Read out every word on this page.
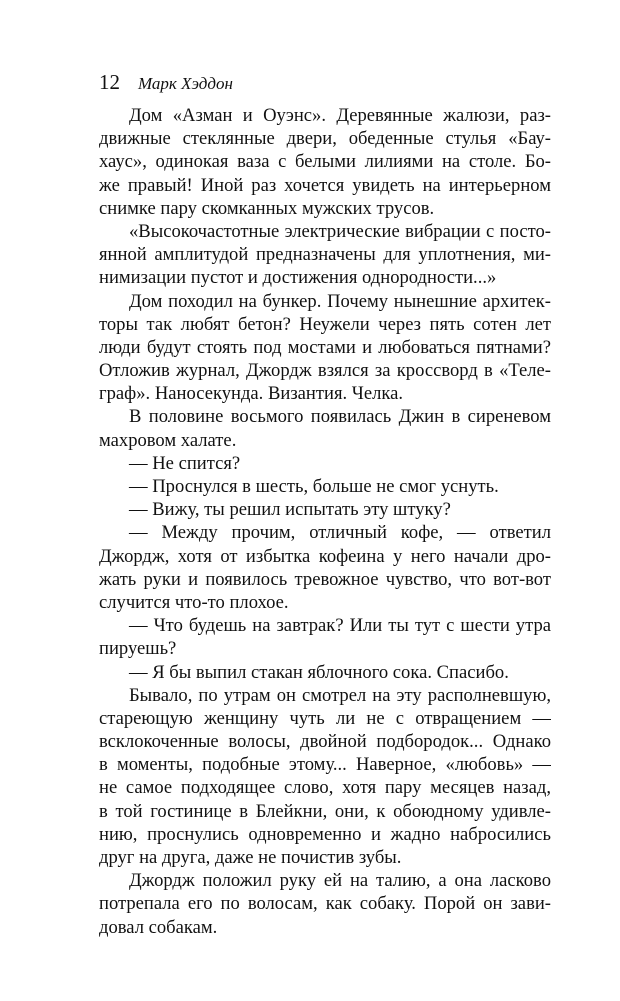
12 Марк Хэддон
Дом «Азман и Оуэнс». Деревянные жалюзи, раз-
движные стеклянные двери, обеденные стулья «Бау-
хаус», одинокая ваза с белыми лилиями на столе. Бо-
же правый! Иной раз хочется увидеть на интерьерном
снимке пару скомканных мужских трусов.
«Высокочастотные электрические вибрации с посто-
янной амплитудой предназначены для уплотнения, ми-
нимизации пустот и достижения однородности...»
Дом походил на бункер. Почему нынешние архитек-
торы так любят бетон? Неужели через пять сотен лет
люди будут стоять под мостами и любоваться пятнами?
Отложив журнал, Джордж взялся за кроссворд в «Теле-
граф». Наносекунда. Византия. Челка.
В половине восьмого появилась Джин в сиреневом
махровом халате.
— Не спится?
— Проснулся в шесть, больше не смог уснуть.
— Вижу, ты решил испытать эту штуку?
— Между прочим, отличный кофе, — ответил
Джордж, хотя от избытка кофеина у него начали дро-
жать руки и появилось тревожное чувство, что вот-вот
случится что-то плохое.
— Что будешь на завтрак? Или ты тут с шести утра
пируешь?
— Я бы выпил стакан яблочного сока. Спасибо.
Бывало, по утрам он смотрел на эту располневшую,
стареющую женщину чуть ли не с отвращением —
всклокоченные волосы, двойной подбородок... Однако
в моменты, подобные этому... Наверное, «любовь» —
не самое подходящее слово, хотя пару месяцев назад,
в той гостинице в Блейкни, они, к обоюдному удивле-
нию, проснулись одновременно и жадно набросились
друг на друга, даже не почистив зубы.
Джордж положил руку ей на талию, а она ласково
потрепала его по волосам, как собаку. Порой он зави-
довал собакам.
